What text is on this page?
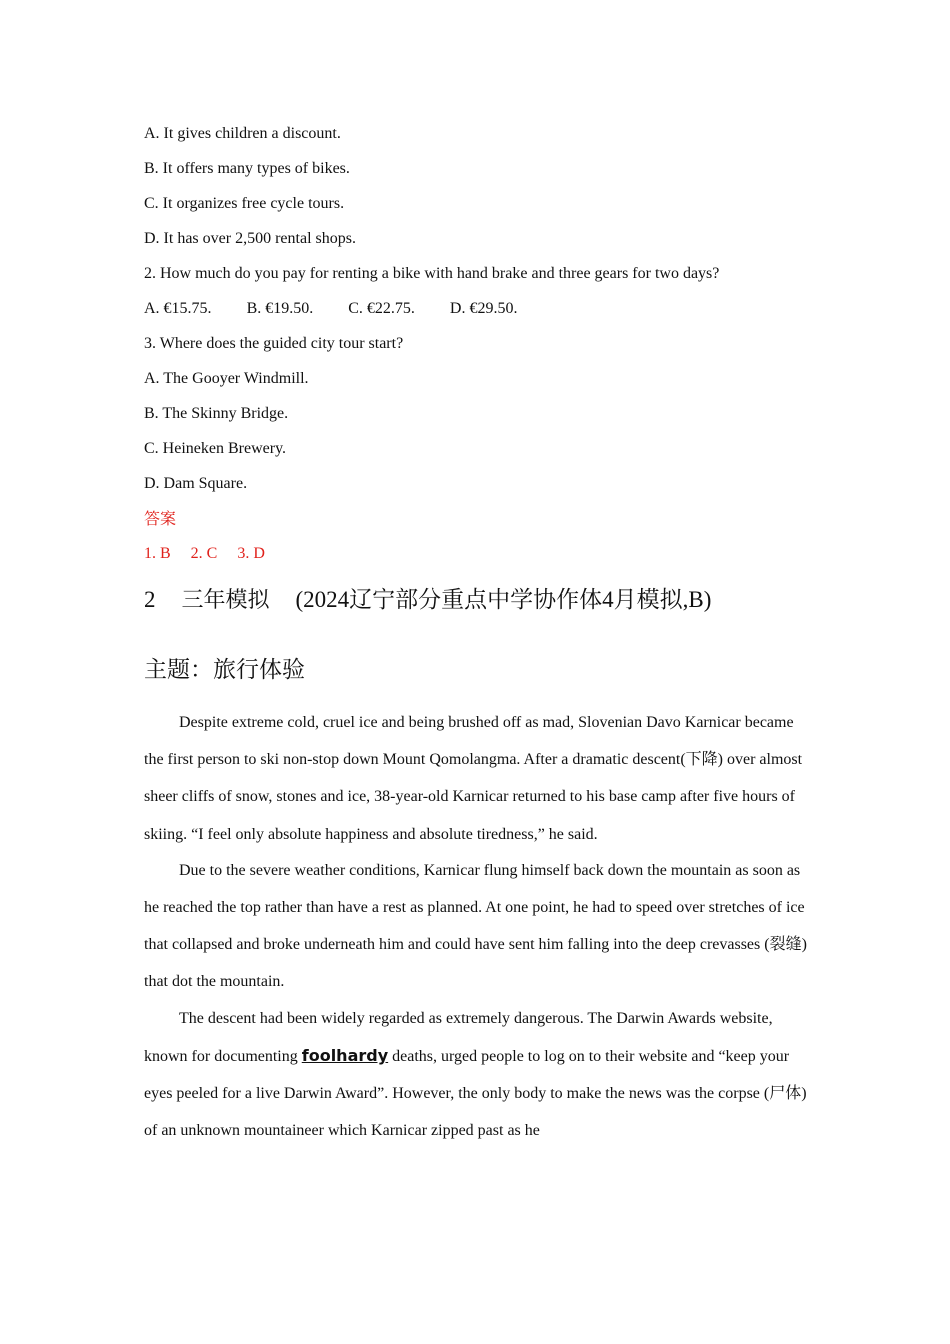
A. It gives children a discount.
B. It offers many types of bikes.
C. It organizes free cycle tours.
D. It has over 2,500 rental shops.
2. How much do you pay for renting a bike with hand brake and three gears for two days?
A. €15.75. B. €19.50. C. €22.75. D. €29.50.
3. Where does the guided city tour start?
A. The Gooyer Windmill.
B. The Skinny Bridge.
C. Heineken Brewery.
D. Dam Square.
答案
1. B 2. C 3. D
2 三年模拟 (2024辽宁部分重点中学协作体4月模拟,B)
主题：旅行体验

Despite extreme cold, cruel ice and being brushed off as mad, Slovenian Davo Karnicar became the first person to ski non-stop down Mount Qomolangma. After a dramatic descent(下降) over almost sheer cliffs of snow, stones and ice, 38-year-old Karnicar returned to his base camp after five hours of skiing. “I feel only absolute happiness and absolute tiredness,” he said.

Due to the severe weather conditions, Karnicar flung himself back down the mountain as soon as he reached the top rather than have a rest as planned. At one point, he had to speed over stretches of ice that collapsed and broke underneath him and could have sent him falling into the deep crevasses (裂缝) that dot the mountain.

The descent had been widely regarded as extremely dangerous. The Darwin Awards website, known for documenting foolhardy deaths, urged people to log on to their website and “keep your eyes peeled for a live Darwin Award”. However, the only body to make the news was the corpse (尸体) of an unknown mountaineer which Karnicar zipped past as he
